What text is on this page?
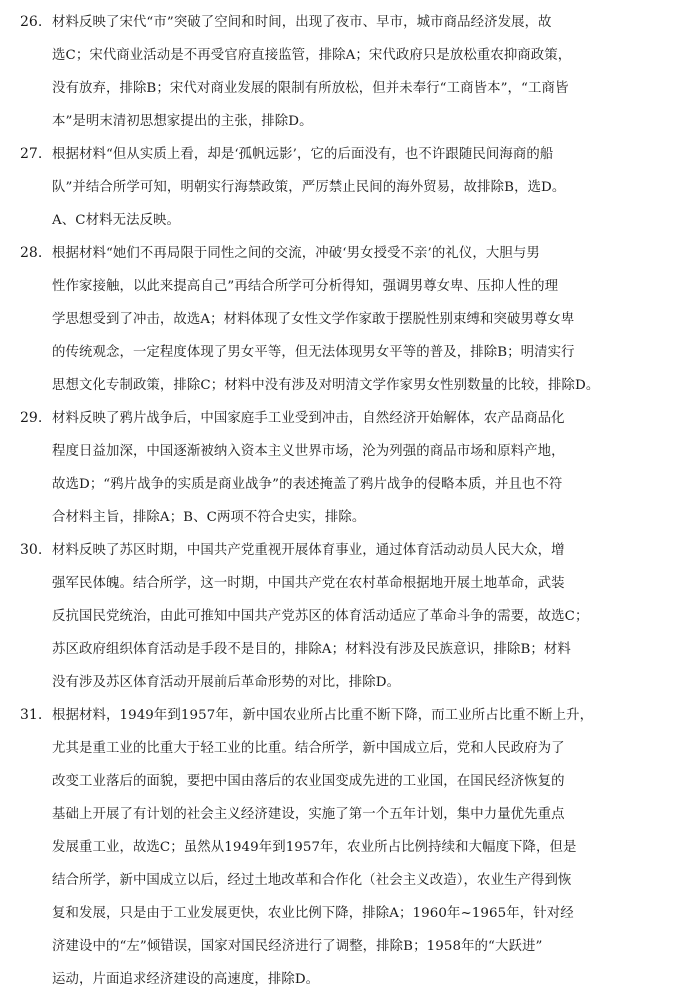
26. 材料反映了宋代“市”突破了空间和时间，出现了夜市、早市，城市商品经济发展，故
选C；宋代商业活动是不再受官府直接监管，排除A；宋代政府只是放松重农抑商政策，
没有放弃，排除B；宋代对商业发展的限制有所放松，但并未奉行“工商皆本”，“工商皆
本”是明末清初思想家提出的主张，排除D。
27. 根据材料“但从实质上看，却是‘孤帆远影’，它的后面没有，也不许跟随民间海商的船
队”并结合所学可知，明朝实行海禁政策，严厉禁止民间的海外贸易，故排除B，选D。
A、C材料无法反映。
28. 根据材料“她们不再局限于同性之间的交流，冲破‘男女授受不亲’的礼仪，大胆与男
性作家接触，以此来提高自己”再结合所学可分析得知，强调男尊女卑、压抑人性的理
学思想受到了冲击，故选A；材料体现了女性文学作家敢于摆脱性别束缚和突破男尊女卑
的传统观念，一定程度体现了男女平等，但无法体现男女平等的普及，排除B；明清实行
思想文化专制政策，排除C；材料中没有涉及对明清文学作家男女性别数量的比较，排除D。
29. 材料反映了鸦片战争后，中国家庭手工业受到冲击，自然经济开始解体，农产品商品化
程度日益加深，中国逐渐被纳入资本主义世界市场，沦为列强的商品市场和原料产地，
故选D；“鸦片战争的实质是商业战争”的表述掩盖了鸦片战争的侵略本质，并且也不符
合材料主旨，排除A；B、C两项不符合史实，排除。
30. 材料反映了苏区时期，中国共产党重视开展体育事业，通过体育活动动员人民大众，增
强军民体魄。结合所学，这一时期，中国共产党在农村革命根据地开展土地革命，武装
反抗国民党统治，由此可推知中国共产党苏区的体育活动适应了革命斗争的需要，故选C；
苏区政府组织体育活动是手段不是目的，排除A；材料没有涉及民族意识，排除B；材料
没有涉及苏区体育活动开展前后革命形势的对比，排除D。
31. 根据材料，1949年到1957年，新中国农业所占比重不断下降，而工业所占比重不断上升，
尤其是重工业的比重大于轻工业的比重。结合所学，新中国成立后，党和人民政府为了
改变工业落后的面貌，要把中国由落后的农业国变成先进的工业国，在国民经济恢复的
基础上开展了有计划的社会主义经济建设，实施了第一个五年计划，集中力量优先重点
发展重工业，故选C；虽然从1949年到1957年，农业所占比例持续和大幅度下降，但是
结合所学，新中国成立以后，经过土地改革和合作化（社会主义改造），农业生产得到恢
复和发展，只是由于工业发展更快，农业比例下降，排除A；1960年~1965年，针对经
济建设中的“左”倾错误，国家对国民经济进行了调整，排除B；1958年的“大跃进”
运动，片面追求经济建设的高速度，排除D。
